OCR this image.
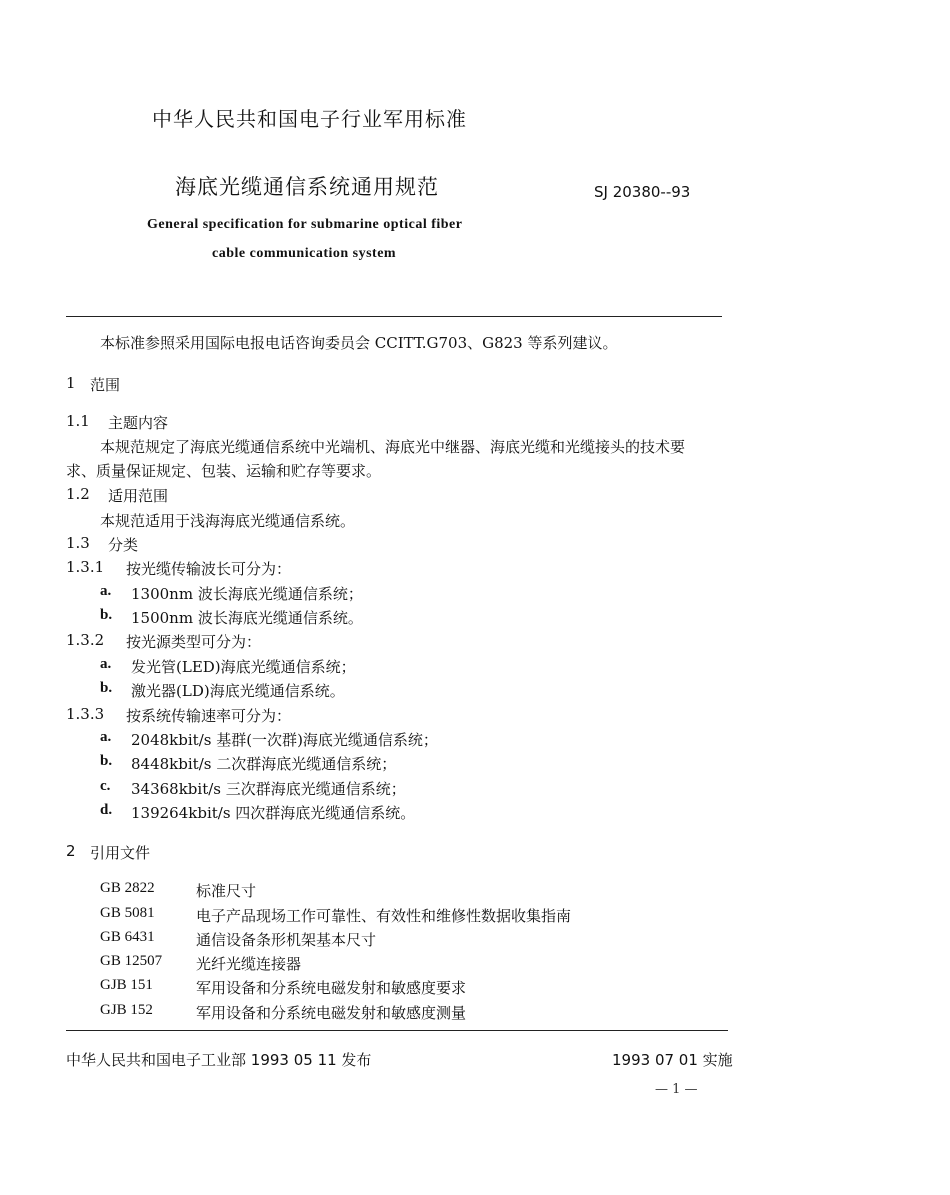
中华人民共和国电子行业军用标准
海底光缆通信系统通用规范	SJ 20380--93
General specification for submarine optical fiber
cable communication system
本标准参照采用国际电报电话咨询委员会 CCITT.G703、G823 等系列建议。
1 范围
1.1 主题内容
本规范规定了海底光缆通信系统中光端机、海底光中继器、海底光缆和光缆接头的技术要
求、质量保证规定、包装、运输和贮存等要求。
1.2 适用范围
本规范适用于浅海海底光缆通信系统。
1.3 分类
1.3.1 按光缆传输波长可分为：
a. 1300nm 波长海底光缆通信系统；
b. 1500nm 波长海底光缆通信系统。
1.3.2 按光源类型可分为：
a. 发光管(LED)海底光缆通信系统；
b. 激光器(LD)海底光缆通信系统。
1.3.3 按系统传输速率可分为：
a. 2048kbit/s 基群(一次群)海底光缆通信系统；
b. 8448kbit/s 二次群海底光缆通信系统；
c. 34368kbit/s 三次群海底光缆通信系统；
d. 139264kbit/s 四次群海底光缆通信系统。
2 引用文件
GB 2822	标准尺寸
GB 5081	电子产品现场工作可靠性、有效性和维修性数据收集指南
GB 6431	通信设备条形机架基本尺寸
GB 12507 光纤光缆连接器
GJB 151	军用设备和分系统电磁发射和敏感度要求
GJB 152	军用设备和分系统电磁发射和敏感度测量
中华人民共和国电子工业部 1993 05 11 发布	1993 07 01 实施
— 1 —
